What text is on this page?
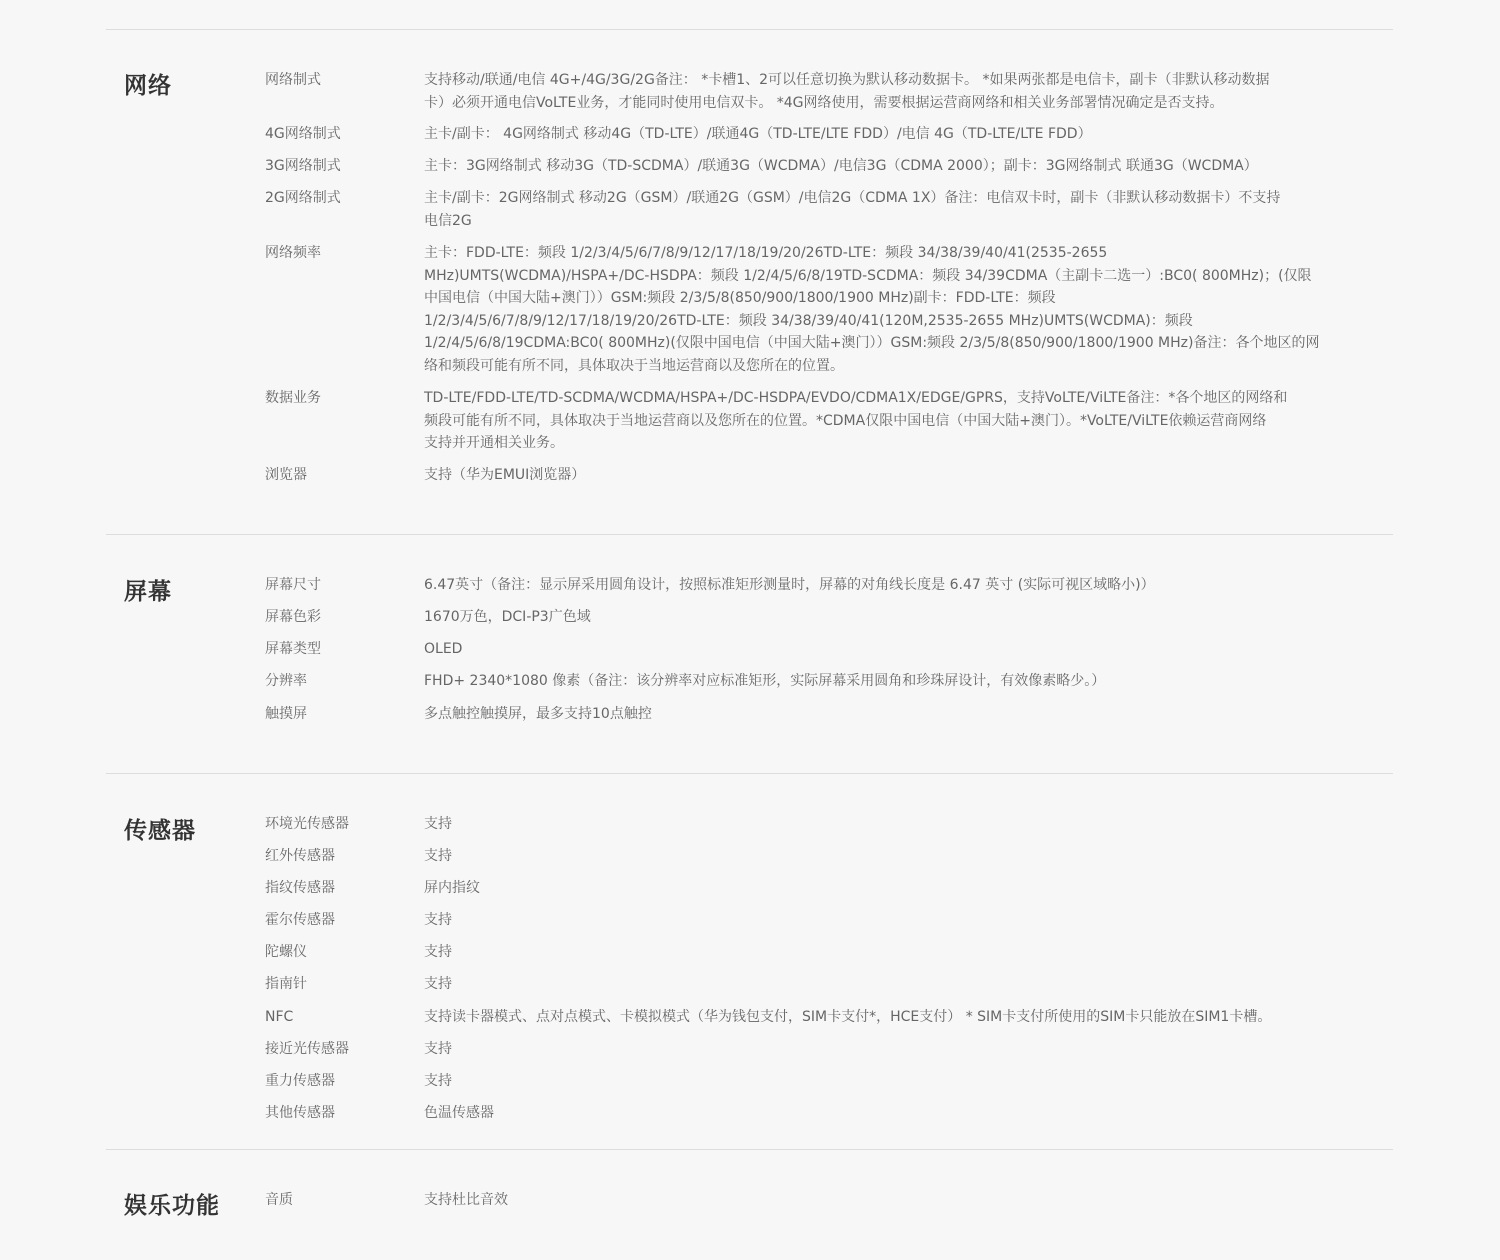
网络	网络制式	支持移动/联通/电信 4G+/4G/3G/2G备注： *卡槽1、2可以任意切换为默认移动数据卡。 *如果两张都是电信卡，副卡（非默认移动数据
卡）必须开通电信VoLTE业务，才能同时使用电信双卡。 *4G网络使用，需要根据运营商网络和相关业务部署情况确定是否支持。
4G网络制式	主卡/副卡： 4G网络制式 移动4G（TD-LTE）/联通4G（TD-LTE/LTE FDD）/电信 4G（TD-LTE/LTE FDD）
3G网络制式	主卡：3G网络制式 移动3G（TD-SCDMA）/联通3G（WCDMA）/电信3G（CDMA 2000）；副卡：3G网络制式 联通3G（WCDMA）
2G网络制式	主卡/副卡：2G网络制式 移动2G（GSM）/联通2G（GSM）/电信2G（CDMA 1X）备注：电信双卡时，副卡（非默认移动数据卡）不支持
电信2G
网络频率	主卡：FDD-LTE：频段 1/2/3/4/5/6/7/8/9/12/17/18/19/20/26TD-LTE：频段 34/38/39/40/41(2535-2655
MHz)UMTS(WCDMA)/HSPA+/DC-HSDPA：频段 1/2/4/5/6/8/19TD-SCDMA：频段 34/39CDMA（主副卡二选一）:BC0( 800MHz)；(仅限
中国电信（中国大陆+澳门））GSM:频段 2/3/5/8(850/900/1800/1900 MHz)副卡：FDD-LTE：频段
1/2/3/4/5/6/7/8/9/12/17/18/19/20/26TD-LTE：频段 34/38/39/40/41(120M,2535-2655 MHz)UMTS(WCDMA)：频段
1/2/4/5/6/8/19CDMA:BC0( 800MHz)(仅限中国电信（中国大陆+澳门））GSM:频段 2/3/5/8(850/900/1800/1900 MHz)备注：各个地区的网
络和频段可能有所不同，具体取决于当地运营商以及您所在的位置。
数据业务	TD-LTE/FDD-LTE/TD-SCDMA/WCDMA/HSPA+/DC-HSDPA/EVDO/CDMA1X/EDGE/GPRS，支持VoLTE/ViLTE备注：*各个地区的网络和
频段可能有所不同，具体取决于当地运营商以及您所在的位置。*CDMA仅限中国电信（中国大陆+澳门）。*VoLTE/ViLTE依赖运营商网络
支持并开通相关业务。
浏览器	支持（华为EMUI浏览器）
屏幕	屏幕尺寸	6.47英寸（备注：显示屏采用圆角设计，按照标准矩形测量时，屏幕的对角线长度是 6.47 英寸 (实际可视区域略小)）
屏幕色彩	1670万色，DCI-P3广色域
屏幕类型	OLED
分辨率	FHD+ 2340*1080 像素（备注：该分辨率对应标准矩形，实际屏幕采用圆角和珍珠屏设计，有效像素略少。）
触摸屏	多点触控触摸屏，最多支持10点触控
传感器	环境光传感器	支持
红外传感器	支持
指纹传感器	屏内指纹
霍尔传感器	支持
陀螺仪	支持
指南针	支持
NFC	支持读卡器模式、点对点模式、卡模拟模式（华为钱包支付，SIM卡支付*，HCE支付） * SIM卡支付所使用的SIM卡只能放在SIM1卡槽。
接近光传感器	支持
重力传感器	支持
其他传感器	色温传感器
娱乐功能	音质	支持杜比音效
